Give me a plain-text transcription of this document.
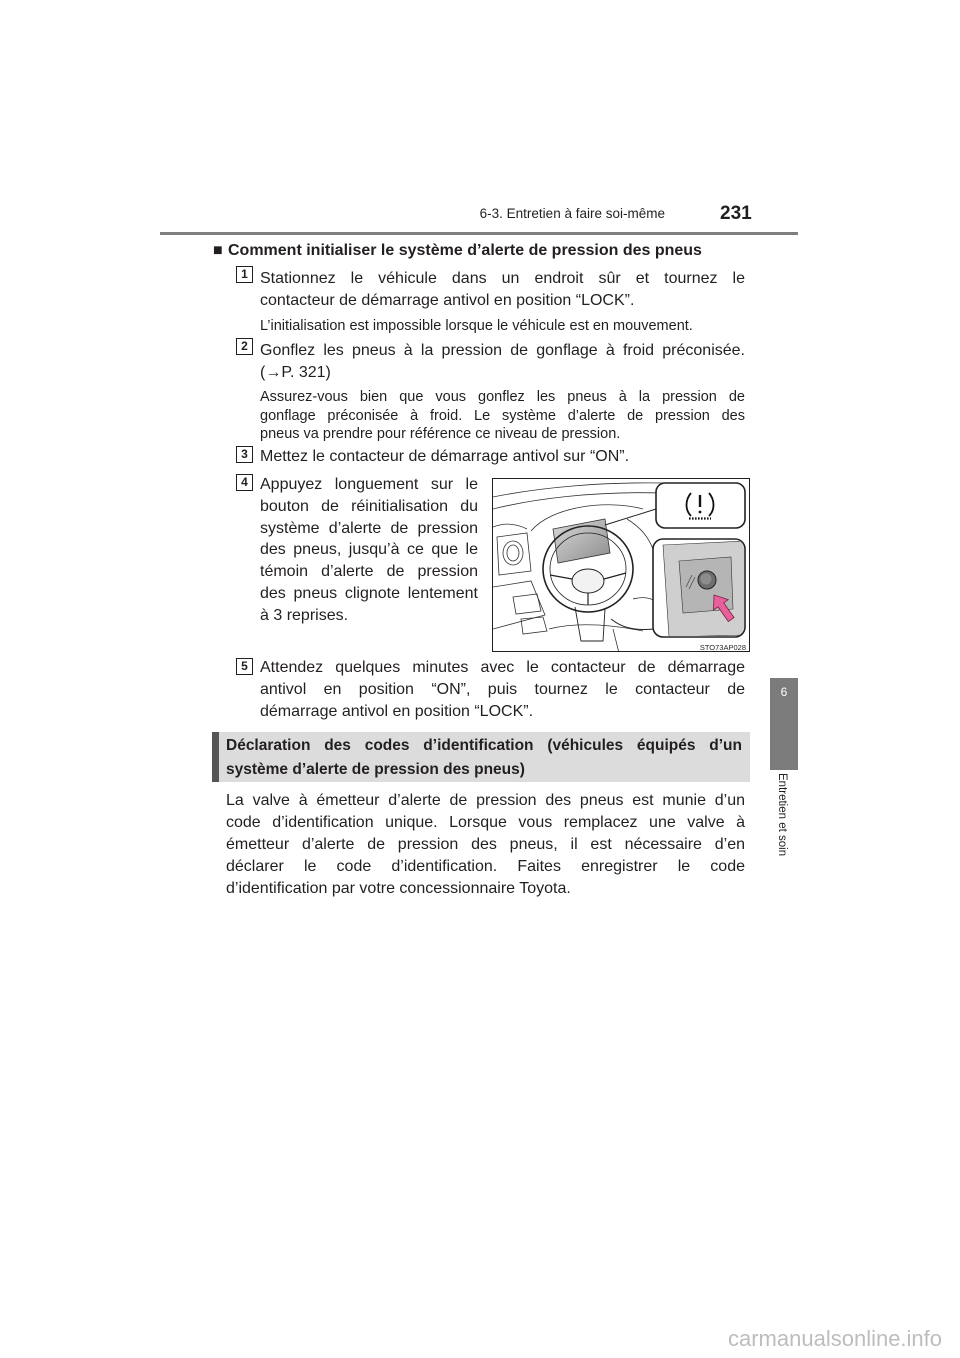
6-3. Entretien à faire soi-même	231
6
Entretien et soin
■ Comment initialiser le système d’alerte de pression des pneus
1 Stationnez le véhicule dans un endroit sûr et tournez le
contacteur de démarrage antivol en position “LOCK”.
L’initialisation est impossible lorsque le véhicule est en mouvement.
2 Gonflez les pneus à la pression de gonflage à froid préconisée.
(→P. 321)
Assurez-vous bien que vous gonflez les pneus à la pression de
gonflage préconisée à froid. Le système d’alerte de pression des
pneus va prendre pour référence ce niveau de pression.
3 Mettez le contacteur de démarrage antivol sur “ON”.
4 Appuyez longuement sur le
bouton de réinitialisation du
système d’alerte de pression
des pneus, jusqu’à ce que le
témoin d’alerte de pression
des pneus clignote lentement
à 3 reprises.
STO73AP028
5 Attendez quelques minutes avec le contacteur de démarrage
antivol en position “ON”, puis tournez le contacteur de
démarrage antivol en position “LOCK”.
Déclaration des codes d’identification (véhicules équipés d’un
système d’alerte de pression des pneus)
La valve à émetteur d’alerte de pression des pneus est munie d’un
code d’identification unique. Lorsque vous remplacez une valve à
émetteur d’alerte de pression des pneus, il est nécessaire d’en
déclarer le code d’identification. Faites enregistrer le code
d’identification par votre concessionnaire Toyota.
carmanualsonline.info
